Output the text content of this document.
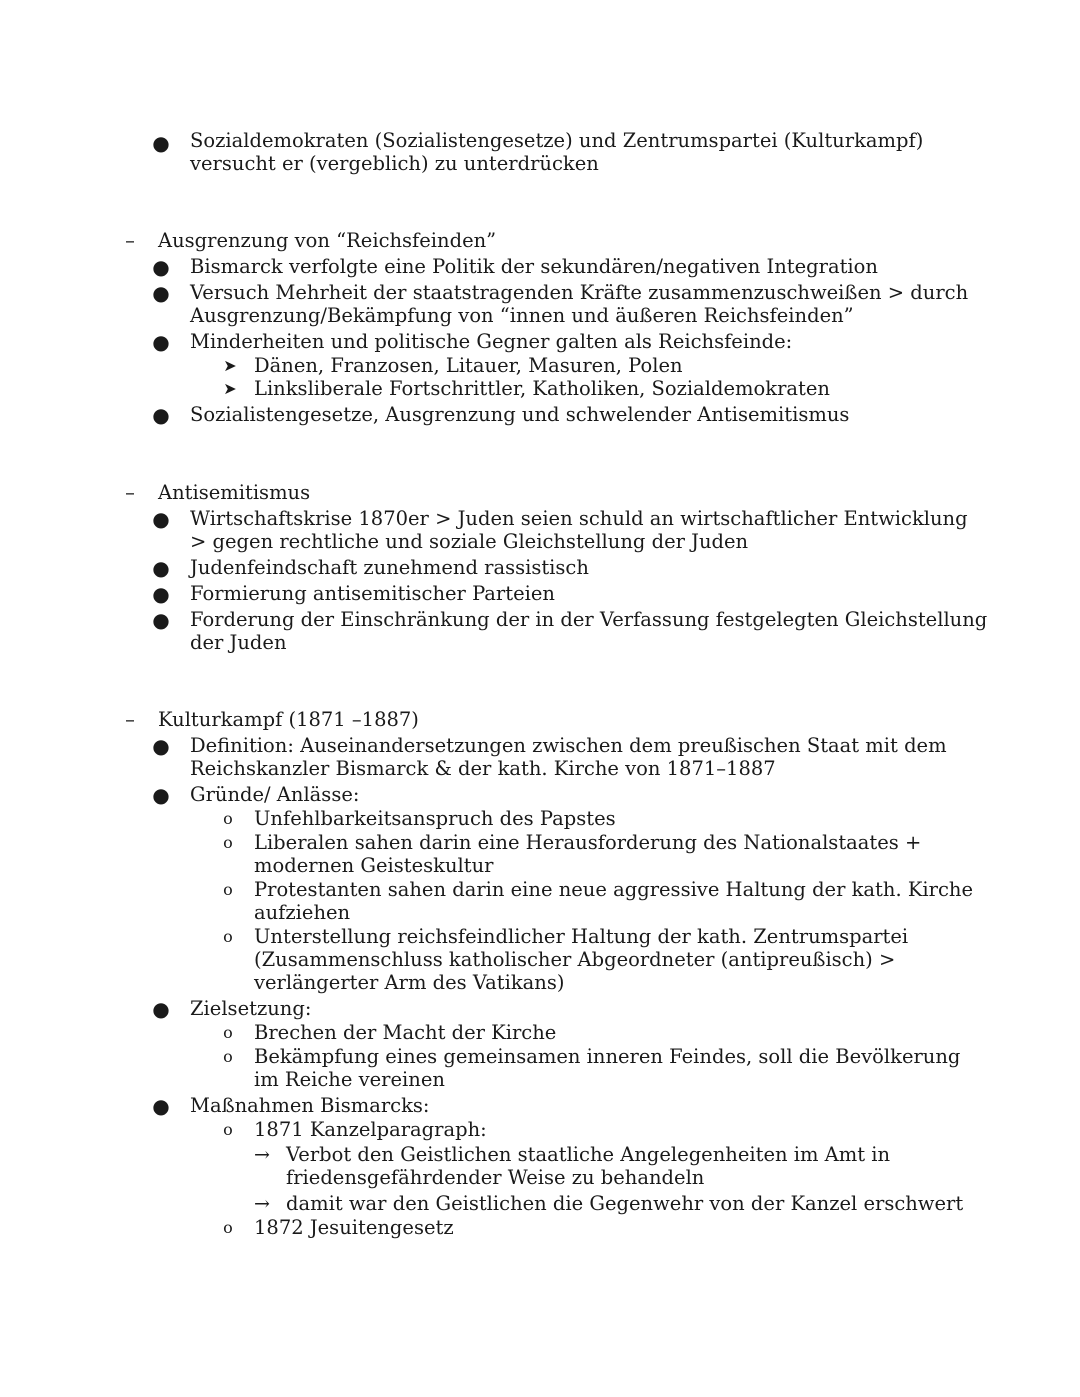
● Sozialdemokraten (Sozialistengesetze) und Zentrumspartei (Kulturkampf)
versucht er (vergeblich) zu unterdrücken
– Ausgrenzung von “Reichsfeinden”
● Bismarck verfolgte eine Politik der sekundären/negativen Integration
● Versuch Mehrheit der staatstragenden Kräfte zusammenzuschweißen > durch
Ausgrenzung/Bekämpfung von “innen und äußeren Reichsfeinden”
● Minderheiten und politische Gegner galten als Reichsfeinde:
➤ Dänen, Franzosen, Litauer, Masuren, Polen
➤ Linksliberale Fortschrittler, Katholiken, Sozialdemokraten
● Sozialistengesetze, Ausgrenzung und schwelender Antisemitismus
– Antisemitismus
● Wirtschaftskrise 1870er > Juden seien schuld an wirtschaftlicher Entwicklung
> gegen rechtliche und soziale Gleichstellung der Juden
● Judenfeindschaft zunehmend rassistisch
● Formierung antisemitischer Parteien
● Forderung der Einschränkung der in der Verfassung festgelegten Gleichstellung
der Juden
– Kulturkampf (1871 –1887)
● Definition: Auseinandersetzungen zwischen dem preußischen Staat mit dem
Reichskanzler Bismarck & der kath. Kirche von 1871–1887
● Gründe/ Anlässe:
o Unfehlbarkeitsanspruch des Papstes
o Liberalen sahen darin eine Herausforderung des Nationalstaates +
modernen Geisteskultur
o Protestanten sahen darin eine neue aggressive Haltung der kath. Kirche
aufziehen
o Unterstellung reichsfeindlicher Haltung der kath. Zentrumspartei
(Zusammenschluss katholischer Abgeordneter (antipreußisch) >
verlängerter Arm des Vatikans)
● Zielsetzung:
o Brechen der Macht der Kirche
o Bekämpfung eines gemeinsamen inneren Feindes, soll die Bevölkerung
im Reiche vereinen
● Maßnahmen Bismarcks:
o 1871 Kanzelparagraph:
→ Verbot den Geistlichen staatliche Angelegenheiten im Amt in
friedensgefährdender Weise zu behandeln
→ damit war den Geistlichen die Gegenwehr von der Kanzel erschwert
o 1872 Jesuitengesetz
